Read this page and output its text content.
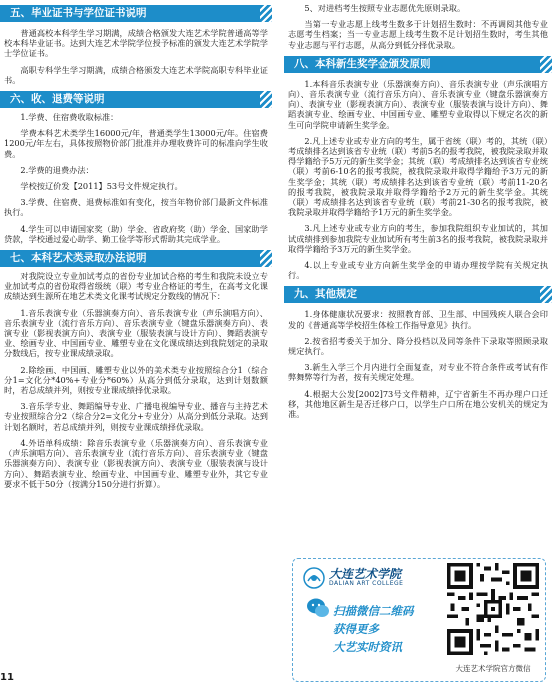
五、毕业证书与学位证书说明

普通高校本科学生学习期满，成绩合格颁发大连艺术学院普通高等学校本科毕业证书。达到大连艺术学院学位授予标准的颁发大连艺术学院学士学位证书。

高职专科学生学习期满，成绩合格颁发大连艺术学院高职专科毕业证书。

六、收、退费等说明

1.学费、住宿费收取标准：

学费本科艺术类学生16000元/年，普通类学生13000元/年。住宿费1200元/年左右，具体按照物价部门批准并办理收费许可的标准向学生收费。

2.学费的退费办法：

学校按辽价发【2011】53号文件规定执行。

3.学费、住宿费、退费标准如有变化，按当年物价部门最新文件标准执行。

4.学生可以申请国家奖（助）学金、省政府奖（助）学金、国家助学贷款，学校通过爱心助学、勤工俭学等形式帮助其完成学业。

七、本科艺术类录取办法说明

对我院设立专业加试考点的省份专业加试合格的考生和我院未设立专业加试考点的省份取得省级统（联）考专业合格证的考生，在高考文化课成绩达到生源所在地艺术类文化课考试规定分数线的情况下：

1.音乐表演专业（乐器演奏方向）、音乐表演专业（声乐演唱方向）、音乐表演专业（流行音乐方向）、音乐表演专业（键盘乐器演奏方向）、表演专业（影视表演方向）、表演专业（服装表演与设计方向）、舞蹈表演专业、绘画专业、中国画专业、雕塑专业在文化课成绩达到我院划定的录取分数线后，按专业课成绩录取。

2.除绘画、中国画、雕塑专业以外的美术类专业按照综合分1（综合分1=文化分*40%+专业分*60%）从高分到低分录取，达到计划数额时，若总成绩并列，则按专业课成绩择优录取。

3.音乐学专业、舞蹈编导专业、广播电视编导专业、播音与主持艺术专业按照综合分2（综合分2=文化分+专业分）从高分到低分录取。达到计划名额时，若总成绩并列，则按专业课成绩择优录取。

4.外语单科成绩：除音乐表演专业（乐器演奏方向）、音乐表演专业（声乐演唱方向）、音乐表演专业（流行音乐方向）、音乐表演专业（键盘乐器演奏方向）、表演专业（影视表演方向）、表演专业（服装表演与设计方向）、舞蹈表演专业、绘画专业、中国画专业、雕塑专业外，其它专业要求不低于50分（按满分150分进行折算）。

5、对进档考生按照专业志愿优先原则录取。

当第一专业志愿上线考生数多于计划招生数时：不再调阅其他专业志愿考生档案；当一专业志愿上线考生数不足计划招生数时，考生其他专业志愿与平行志愿，从高分到低分择优录取。

八、本科新生奖学金颁发原则

1.本科音乐表演专业（乐器演奏方向）、音乐表演专业（声乐演唱方向）、音乐表演专业（流行音乐方向）、音乐表演专业（键盘乐器演奏方向）、表演专业（影视表演方向）、表演专业（服装表演与设计方向）、舞蹈表演专业、绘画专业、中国画专业、雕塑专业取得以下规定名次的新生可向学院申请新生奖学金。

2.凡上述专业或专业方向的考生，属于省统（联）考的，其统（联）考成绩排名达到该省专业统（联）考前5名的报考我院，被我院录取并取得学籍给予5万元的新生奖学金；其统（联）考成绩排名达到该省专业统（联）考前6-10名的报考我院，被我院录取并取得学籍给予3万元的新生奖学金；其统（联）考成绩排名达到该省专业统（联）考前11-20名的报考我院，被我院录取并取得学籍给予2万元的新生奖学金。其统（联）考成绩排名达到该省专业统（联）考前21-30名的报考我院，被我院录取并取得学籍给予1万元的新生奖学金。

3.凡上述专业或专业方向的考生，参加我院组织专业加试的，其加试成绩排到参加我院专业加试所有考生前3名的报考我院，被我院录取并取得学籍给予3万元的新生奖学金。

4.以上专业或专业方向新生奖学金的申请办理按学院有关规定执行。

九、其他规定

1.身体健康状况要求：按照教育部、卫生部、中国残疾人联合会印发的《普通高等学校招生体检工作指导意见》执行。

2.按省招考委关于加分、降分投档以及同等条件下录取等照顾录取规定执行。

3.新生入学三个月内进行全面复查，对专业不符合条件或考试有作弊舞弊等行为者，按有关规定处理。

4.根据大公发[2002]73号文件精神，辽宁省新生不再办理户口迁移，其他地区新生是否迁移户口，以学生户口所在地公安机关的规定为准。

大连艺术学院
DALIAN ART COLLEGE
扫描微信二维码
获得更多
大艺实时资讯
大连艺术学院官方微信
11
